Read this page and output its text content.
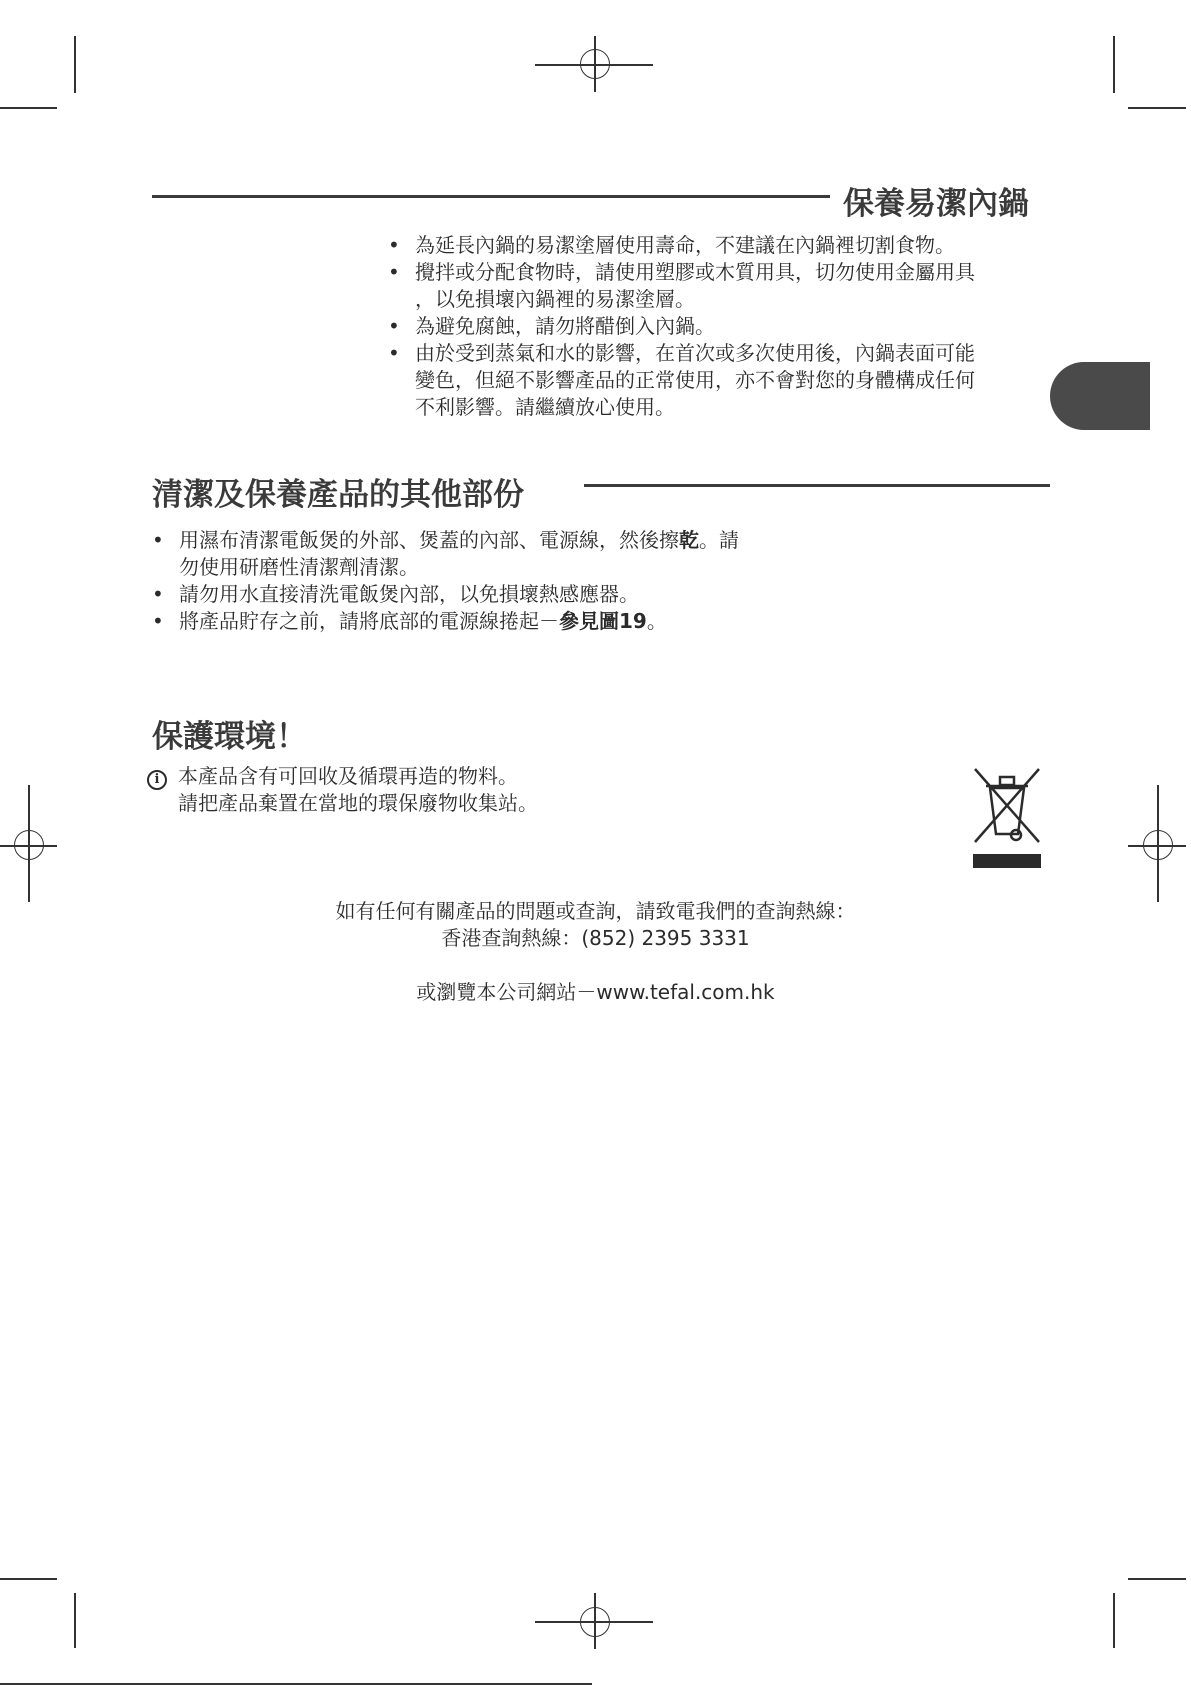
保養易潔內鍋
• 為延長內鍋的易潔塗層使用壽命，不建議在內鍋裡切割食物。
• 攪拌或分配食物時，請使用塑膠或木質用具，切勿使用金屬用具
，以免損壞內鍋裡的易潔塗層。
• 為避免腐蝕，請勿將醋倒入內鍋。
• 由於受到蒸氣和水的影響，在首次或多次使用後，內鍋表面可能
變色，但絕不影響產品的正常使用，亦不會對您的身體構成任何
不利影響。請繼續放心使用。
清潔及保養產品的其他部份
• 用濕布清潔電飯煲的外部、煲蓋的內部、電源線，然後擦乾。請
勿使用研磨性清潔劑清潔。
• 請勿用水直接清洗電飯煲內部，以免損壞熱感應器。
• 將產品貯存之前，請將底部的電源線捲起－參見圖19。
保護環境！
i 本產品含有可回收及循環再造的物料。
請把產品棄置在當地的環保廢物收集站。
如有任何有關產品的問題或查詢，請致電我們的查詢熱線：
香港查詢熱線：(852) 2395 3331
或瀏覽本公司網站－www.tefal.com.hk
